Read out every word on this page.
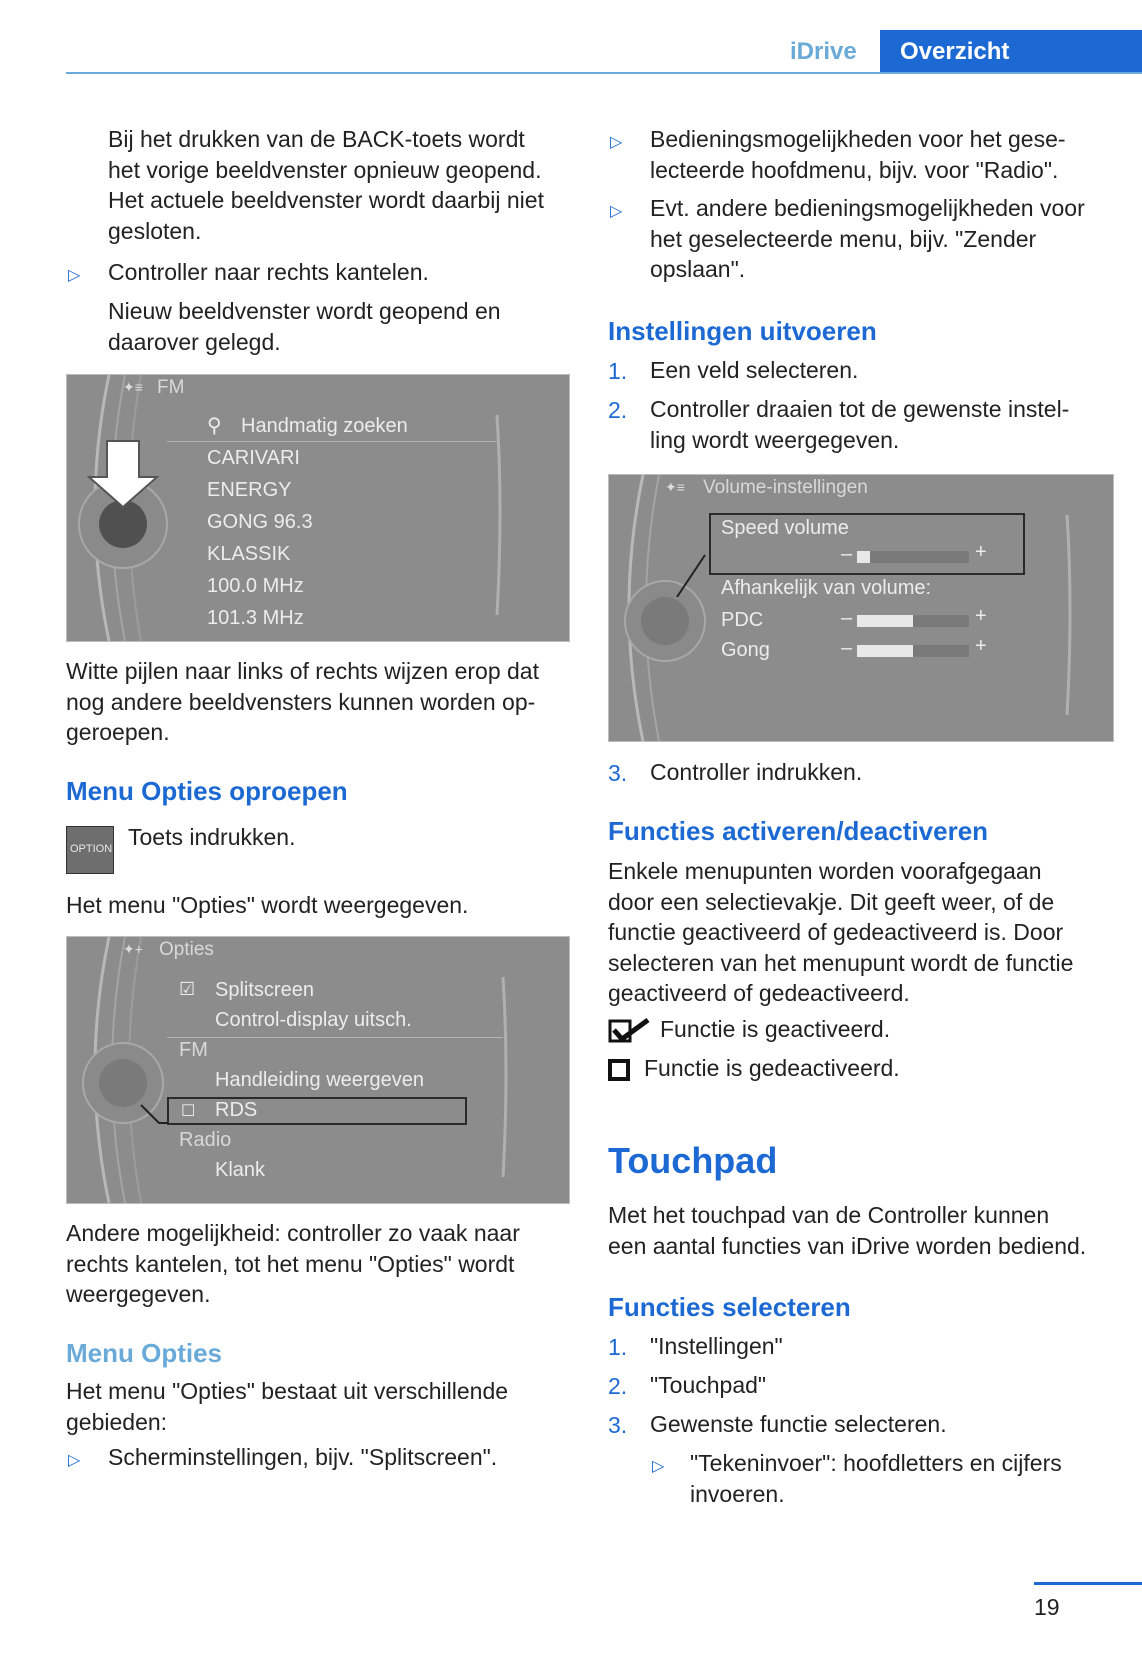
iDrive Overzicht
Bij het drukken van de BACK-toets wordt
het vorige beeldvenster opnieuw geopend.
Het actuele beeldvenster wordt daarbij niet
gesloten.
▷ Controller naar rechts kantelen.
Nieuw beeldvenster wordt geopend en
daarover gelegd.
✦≡ FM
⚲ Handmatig zoeken
CARIVARI
ENERGY
GONG 96.3
KLASSIK
100.0 MHz
101.3 MHz
Witte pijlen naar links of rechts wijzen erop dat
nog andere beeldvensters kunnen worden op-
geroepen.
Menu Opties oproepen
OPTION Toets indrukken.
Het menu "Opties" wordt weergegeven.
✦+ Opties
☑ Splitscreen
Control-display uitsch.
FM
Handleiding weergeven
☐ RDS
Radio
Klank
Andere mogelijkheid: controller zo vaak naar
rechts kantelen, tot het menu "Opties" wordt
weergegeven.
Menu Opties
Het menu "Opties" bestaat uit verschillende
gebieden:
▷ Scherminstellingen, bijv. "Splitscreen".
▷ Bedieningsmogelijkheden voor het gese-
lecteerde hoofdmenu, bijv. voor "Radio".
▷ Evt. andere bedieningsmogelijkheden voor
het geselecteerde menu, bijv. "Zender
opslaan".
Instellingen uitvoeren
1. Een veld selecteren.
2. Controller draaien tot de gewenste instel-
ling wordt weergegeven.
✦≡ Volume-instellingen
Speed volume
–	+
Afhankelijk van volume:
PDC	–	+
Gong	–	+
3. Controller indrukken.
Functies activeren/deactiveren
Enkele menupunten worden voorafgegaan
door een selectievakje. Dit geeft weer, of de
functie geactiveerd of gedeactiveerd is. Door
selecteren van het menupunt wordt de functie
geactiveerd of gedeactiveerd.
Functie is geactiveerd.
Functie is gedeactiveerd.
Touchpad
Met het touchpad van de Controller kunnen
een aantal functies van iDrive worden bediend.
Functies selecteren
1. "Instellingen"
2. "Touchpad"
3. Gewenste functie selecteren.
▷ "Tekeninvoer": hoofdletters en cijfers
invoeren.
19
